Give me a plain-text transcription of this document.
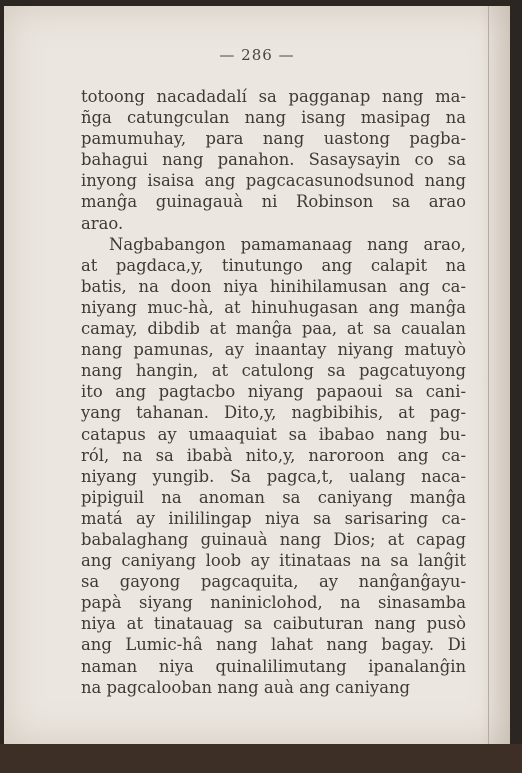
— 286 —
totoong nacadadalí sa pagganap nang ma-
ñga catungculan nang isang masipag na
pamumuhay, para nang uastong pagba-
bahagui nang panahon. Sasaysayin co sa
inyong isaisa ang pagcacasunodsunod nang
manĝa guinagauà ni Robinson sa arao
arao.
Nagbabangon pamamanaag nang arao,
at pagdaca,y, tinutungo ang calapit na
batis, na doon niya hinihilamusan ang ca-
niyang muc-hà, at hinuhugasan ang manĝa
camay, dibdib at manĝa paa, at sa caualan
nang pamunas, ay inaantay niyang matuyò
nang hangin, at catulong sa pagcatuyong
ito ang pagtacbo niyang papaoui sa cani-
yang tahanan. Dito,y, nagbibihis, at pag-
catapus ay umaaquiat sa ibabao nang bu-
ról, na sa ibabà nito,y, naroroon ang ca-
niyang yungib. Sa pagca,t, ualang naca-
pipiguil na anoman sa caniyang manĝa
matá ay inililingap niya sa sarisaring ca-
babalaghang guinauà nang Dios; at capag
ang caniyang loob ay itinataas na sa lanĝit
sa gayong pagcaquita, ay nanĝanĝayu-
papà siyang naniniclohod, na sinasamba
niya at tinatauag sa caibuturan nang pusò
ang Lumic-hâ nang lahat nang bagay. Di
naman niya quinalilimutang ipanalanĝin
na pagcalooban nang auà ang caniyang
